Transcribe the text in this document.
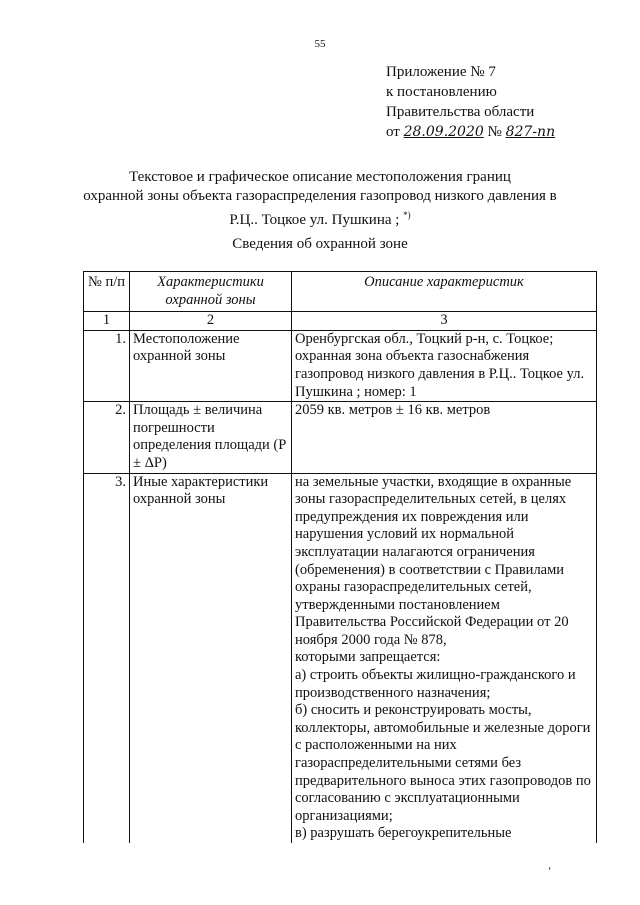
55
Приложение № 7
к постановлению
Правительства области
от 28.09.2020 № 827-пп
Текстовое и графическое описание местоположения границ
охранной зоны объекта газораспределения газопровод низкого давления в
Р.Ц.. Тоцкое ул. Пушкина ; *)
Сведения об охранной зоне
№ п/п	Характеристики охранной зоны	Описание характеристик
1	2	3
1.	Местоположение охранной зоны	Оренбургская обл., Тоцкий р-н, с. Тоцкое; охранная зона объекта газоснабжения газопровод низкого давления в Р.Ц.. Тоцкое ул. Пушкина ; номер: 1
2.	Площадь ± величина погрешности определения площади (P ± ΔP)	2059 кв. метров ± 16 кв. метров
3.	Иные характеристики охранной зоны	на земельные участки, входящие в охранные зоны газораспределительных сетей, в целях предупреждения их повреждения или нарушения условий их нормальной эксплуатации налагаются ограничения (обременения) в соответствии с Правилами охраны газораспределительных сетей, утвержденными постановлением Правительства Российской Федерации от 20 ноября 2000 года № 878,

которыми запрещается:

а) строить объекты жилищно-гражданского и производственного назначения;

б) сносить и реконструировать мосты, коллекторы, автомобильные и железные дороги с расположенными на них газораспределительными сетями без предварительного выноса этих газопроводов по согласованию с эксплуатационными организациями;

в) разрушать берегоукрепительные

‘
